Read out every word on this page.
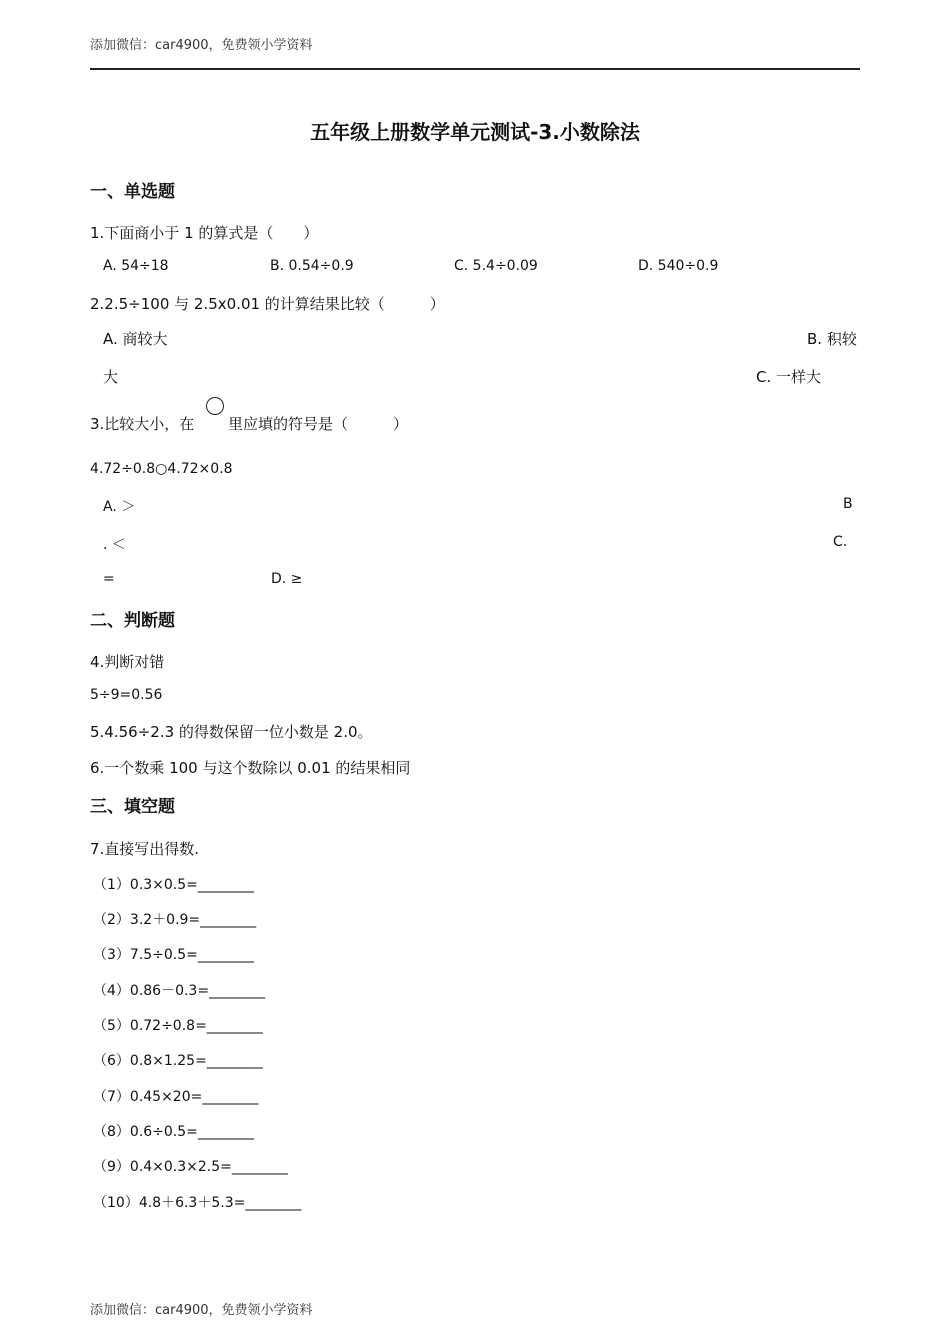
添加微信：car4900，免费领小学资料
五年级上册数学单元测试-3.小数除法
一、单选题
1.下面商小于 1 的算式是（　　）
A. 54÷18	B. 0.54÷0.9	C. 5.4÷0.09	D. 540÷0.9
2.2.5÷100 与 2.5x0.01 的计算结果比较（　　　）
A. 商较大	B. 积较
大	C. 一样大
3.比较大小，在 里应填的符号是（　　　）
4.72÷0.8○4.72×0.8
A. ＞	B
. ＜	C.
=	D. ≥
二、判断题
4.判断对错
5÷9=0.56
5.4.56÷2.3 的得数保留一位小数是 2.0。
6.一个数乘 100 与这个数除以 0.01 的结果相同
三、填空题
7.直接写出得数.
（1）0.3×0.5=________
（2）3.2＋0.9=________
（3）7.5÷0.5=________
（4）0.86－0.3=________
（5）0.72÷0.8=________
（6）0.8×1.25=________
（7）0.45×20=________
（8）0.6÷0.5=________
（9）0.4×0.3×2.5=________
（10）4.8＋6.3＋5.3=________
添加微信：car4900，免费领小学资料
